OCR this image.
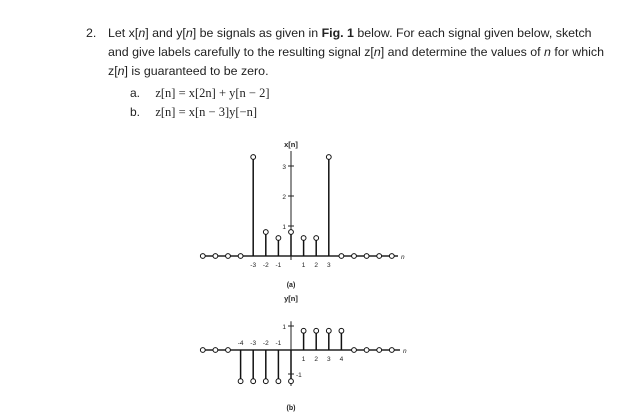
2. Let x[n] and y[n] be signals as given in Fig. 1 below. For each signal given below, sketch and give labels carefully to the resulting signal z[n] and determine the values of n for which z[n] is guaranteed to be zero.
a. z[n] = x[2n] + y[n − 2]
b. z[n] = x[n − 3]y[−n]
1
2
3
-3 -2 -1	1 2 3
n
x[n]
(a)
1
-1
-4 -3 -2 -1
1 2 3 4
n
y[n]
(b)
